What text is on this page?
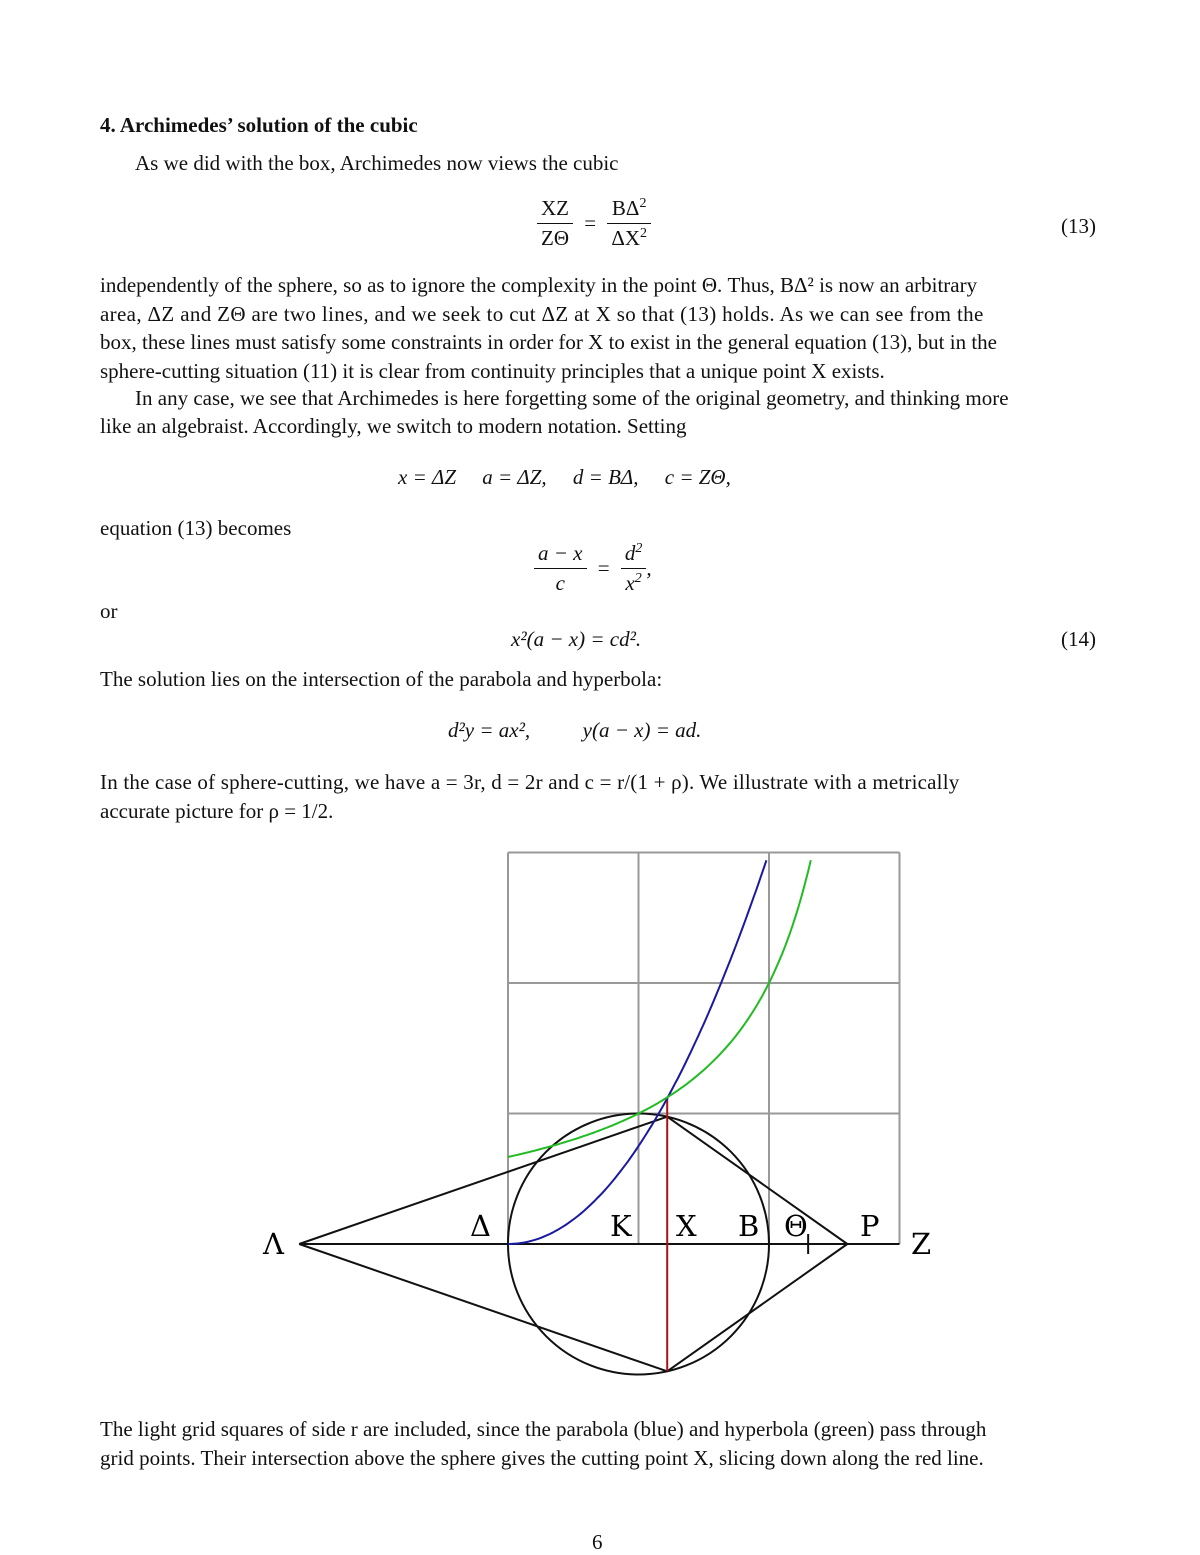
4. Archimedes’ solution of the cubic
As we did with the box, Archimedes now views the cubic
$\frac{XZ}{Z\Theta} = \frac{B\Delta^2}{\Delta X^2}$	(13)
independently of the sphere, so as to ignore the complexity in the point Θ. Thus, BΔ² is now an arbitrary
area, ΔZ and ZΘ are two lines, and we seek to cut ΔZ at X so that (13) holds. As we can see from the
box, these lines must satisfy some constraints in order for X to exist in the general equation (13), but in the
sphere-cutting situation (11) it is clear from continuity principles that a unique point X exists.
In any case, we see that Archimedes is here forgetting some of the original geometry, and thinking more
like an algebraist. Accordingly, we switch to modern notation. Setting
x = ΔZ     a = ΔZ,     d = BΔ,     c = ZΘ,
equation (13) becomes
$\frac{a - x}{c} = \frac{d^2}{x^2}$ ,
or
x²(a − x) = cd².	(14)
The solution lies on the intersection of the parabola and hyperbola:
d²y = ax²,          y(a − x) = ad.
In the case of sphere-cutting, we have a = 3r, d = 2r and c = r/(1 + ρ). We illustrate with a metrically
accurate picture for ρ = 1/2.
Λ
Δ	K X B Θ P
Z
The light grid squares of side r are included, since the parabola (blue) and hyperbola (green) pass through
grid points. Their intersection above the sphere gives the cutting point X, slicing down along the red line.
6
